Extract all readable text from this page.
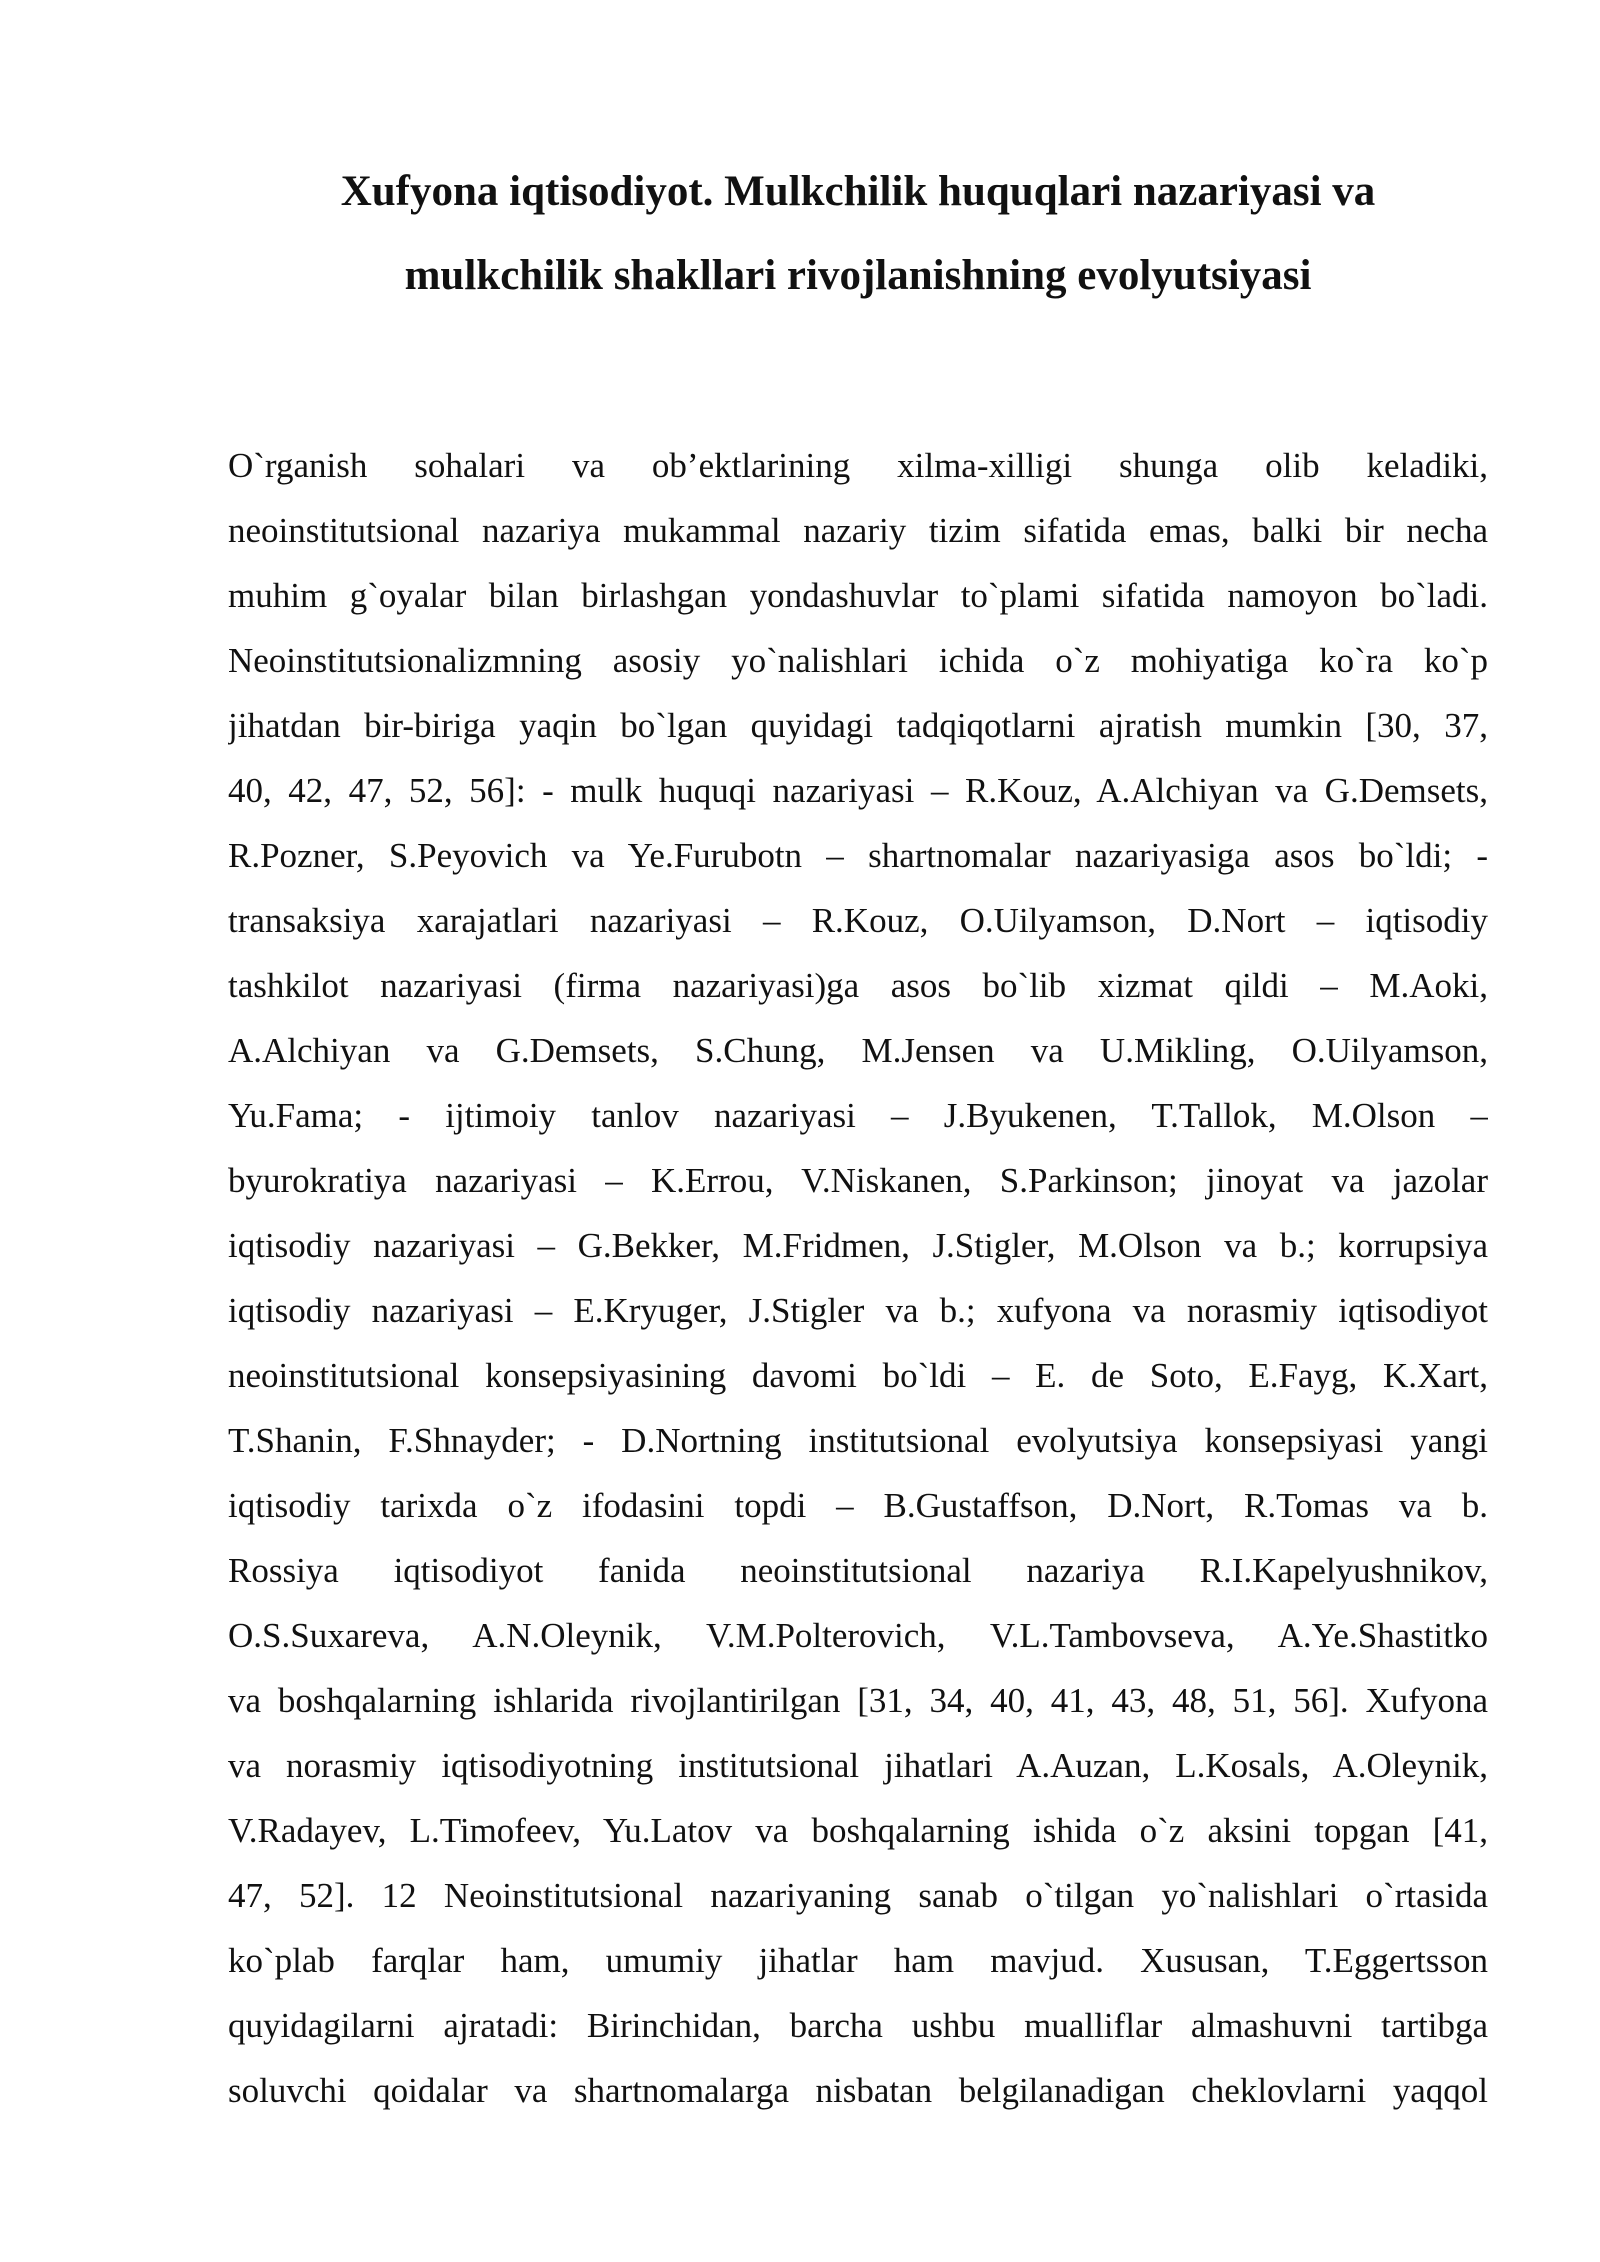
Xufyona iqtisodiyot. Mulkchilik huquqlari nazariyasi va
mulkchilik shakllari rivojlanishning evolyutsiyasi
O`rganish sohalari va ob’ektlarining xilma-xilligi shunga olib keladiki,
neoinstitutsional nazariya mukammal nazariy tizim sifatida emas, balki bir necha
muhim g`oyalar bilan birlashgan yondashuvlar to`plami sifatida namoyon bo`ladi.
Neoinstitutsionalizmning asosiy yo`nalishlari ichida o`z mohiyatiga ko`ra ko`p
jihatdan bir-biriga yaqin bo`lgan quyidagi tadqiqotlarni ajratish mumkin [30, 37,
40, 42, 47, 52, 56]: - mulk huquqi nazariyasi – R.Kouz, A.Alchiyan va G.Demsets,
R.Pozner, S.Peyovich va Ye.Furubotn – shartnomalar nazariyasiga asos bo`ldi; -
transaksiya xarajatlari nazariyasi – R.Kouz, O.Uilyamson, D.Nort – iqtisodiy
tashkilot nazariyasi (firma nazariyasi)ga asos bo`lib xizmat qildi – M.Aoki,
A.Alchiyan va G.Demsets, S.Chung, M.Jensen va U.Mikling, O.Uilyamson,
Yu.Fama; - ijtimoiy tanlov nazariyasi – J.Byukenen, T.Tallok, M.Olson –
byurokratiya nazariyasi – K.Errou, V.Niskanen, S.Parkinson; jinoyat va jazolar
iqtisodiy nazariyasi – G.Bekker, M.Fridmen, J.Stigler, M.Olson va b.; korrupsiya
iqtisodiy nazariyasi – E.Kryuger, J.Stigler va b.; xufyona va norasmiy iqtisodiyot
neoinstitutsional konsepsiyasining davomi bo`ldi – E. de Soto, E.Fayg, K.Xart,
T.Shanin, F.Shnayder; - D.Nortning institutsional evolyutsiya konsepsiyasi yangi
iqtisodiy tarixda o`z ifodasini topdi – B.Gustaffson, D.Nort, R.Tomas va b.
Rossiya iqtisodiyot fanida neoinstitutsional nazariya R.I.Kapelyushnikov,
O.S.Suxareva, A.N.Oleynik, V.M.Polterovich, V.L.Tambovseva, A.Ye.Shastitko
va boshqalarning ishlarida rivojlantirilgan [31, 34, 40, 41, 43, 48, 51, 56]. Xufyona
va norasmiy iqtisodiyotning institutsional jihatlari A.Auzan, L.Kosals, A.Oleynik,
V.Radayev, L.Timofeev, Yu.Latov va boshqalarning ishida o`z aksini topgan [41,
47, 52]. 12 Neoinstitutsional nazariyaning sanab o`tilgan yo`nalishlari o`rtasida
ko`plab farqlar ham, umumiy jihatlar ham mavjud. Xususan, T.Eggertsson
quyidagilarni ajratadi: Birinchidan, barcha ushbu mualliflar almashuvni tartibga
soluvchi qoidalar va shartnomalarga nisbatan belgilanadigan cheklovlarni yaqqol
